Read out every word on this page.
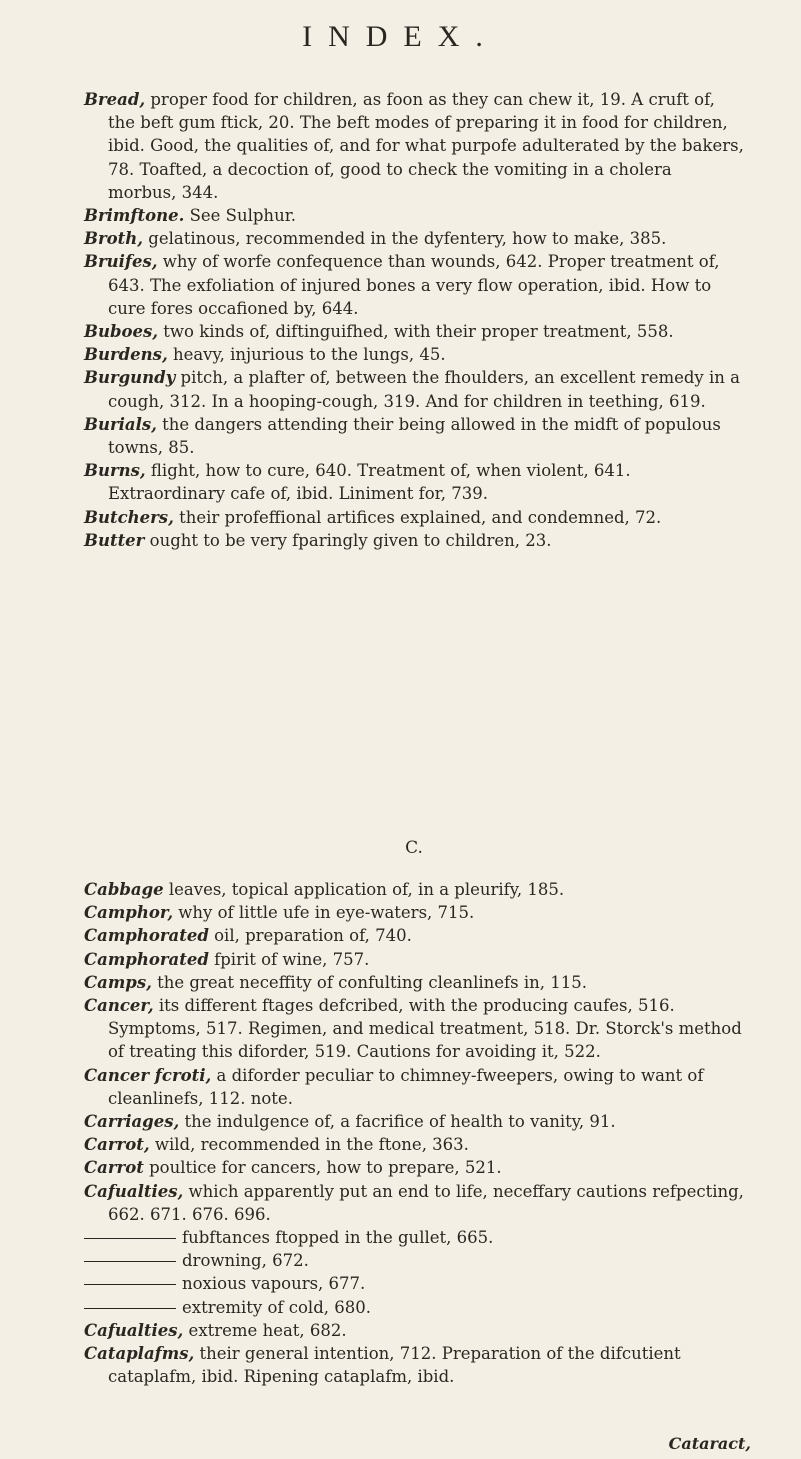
INDEX.

Bread, proper food for children, as foon as they can chew it, 19. A cruft of, the beft gum ftick, 20. The beft modes of preparing it in food for children, ibid. Good, the qualities of, and for what purpofe adulterated by the bakers, 78. Toafted, a decoction of, good to check the vomiting in a cholera morbus, 344.

Brimftone. See Sulphur.

Broth, gelatinous, recommended in the dyfentery, how to make, 385.

Bruifes, why of worfe confequence than wounds, 642. Proper treatment of, 643. The exfoliation of injured bones a very flow operation, ibid. How to cure fores occafioned by, 644.

Buboes, two kinds of, diftinguifhed, with their proper treatment, 558.

Burdens, heavy, injurious to the lungs, 45.

Burgundy pitch, a plafter of, between the fhoulders, an excellent remedy in a cough, 312. In a hooping-cough, 319. And for children in teething, 619.

Burials, the dangers attending their being allowed in the midft of populous towns, 85.

Burns, flight, how to cure, 640. Treatment of, when violent, 641. Extraordinary cafe of, ibid. Liniment for, 739.

Butchers, their profeffional artifices explained, and condemned, 72.

Butter ought to be very fparingly given to children, 23.

C.

Cabbage leaves, topical application of, in a pleurify, 185.

Camphor, why of little ufe in eye-waters, 715.

Camphorated oil, preparation of, 740.

Camphorated fpirit of wine, 757.

Camps, the great neceffity of confulting cleanlinefs in, 115.

Cancer, its different ftages defcribed, with the producing caufes, 516. Symptoms, 517. Regimen, and medical treatment, 518. Dr. Storck's method of treating this diforder, 519. Cautions for avoiding it, 522.

Cancer fcroti, a diforder peculiar to chimney-fweepers, owing to want of cleanlinefs, 112. note.

Carriages, the indulgence of, a facrifice of health to vanity, 91.

Carrot, wild, recommended in the ftone, 363.

Carrot poultice for cancers, how to prepare, 521.

Cafualties, which apparently put an end to life, neceffary cautions refpecting, 662. 671. 676. 696.

fubftances ftopped in the gullet, 665.

drowning, 672.

noxious vapours, 677.

extremity of cold, 680.

Cafualties, extreme heat, 682.

Cataplafms, their general intention, 712. Preparation of the difcutient cataplafm, ibid. Ripening cataplafm, ibid.

Cataract,
